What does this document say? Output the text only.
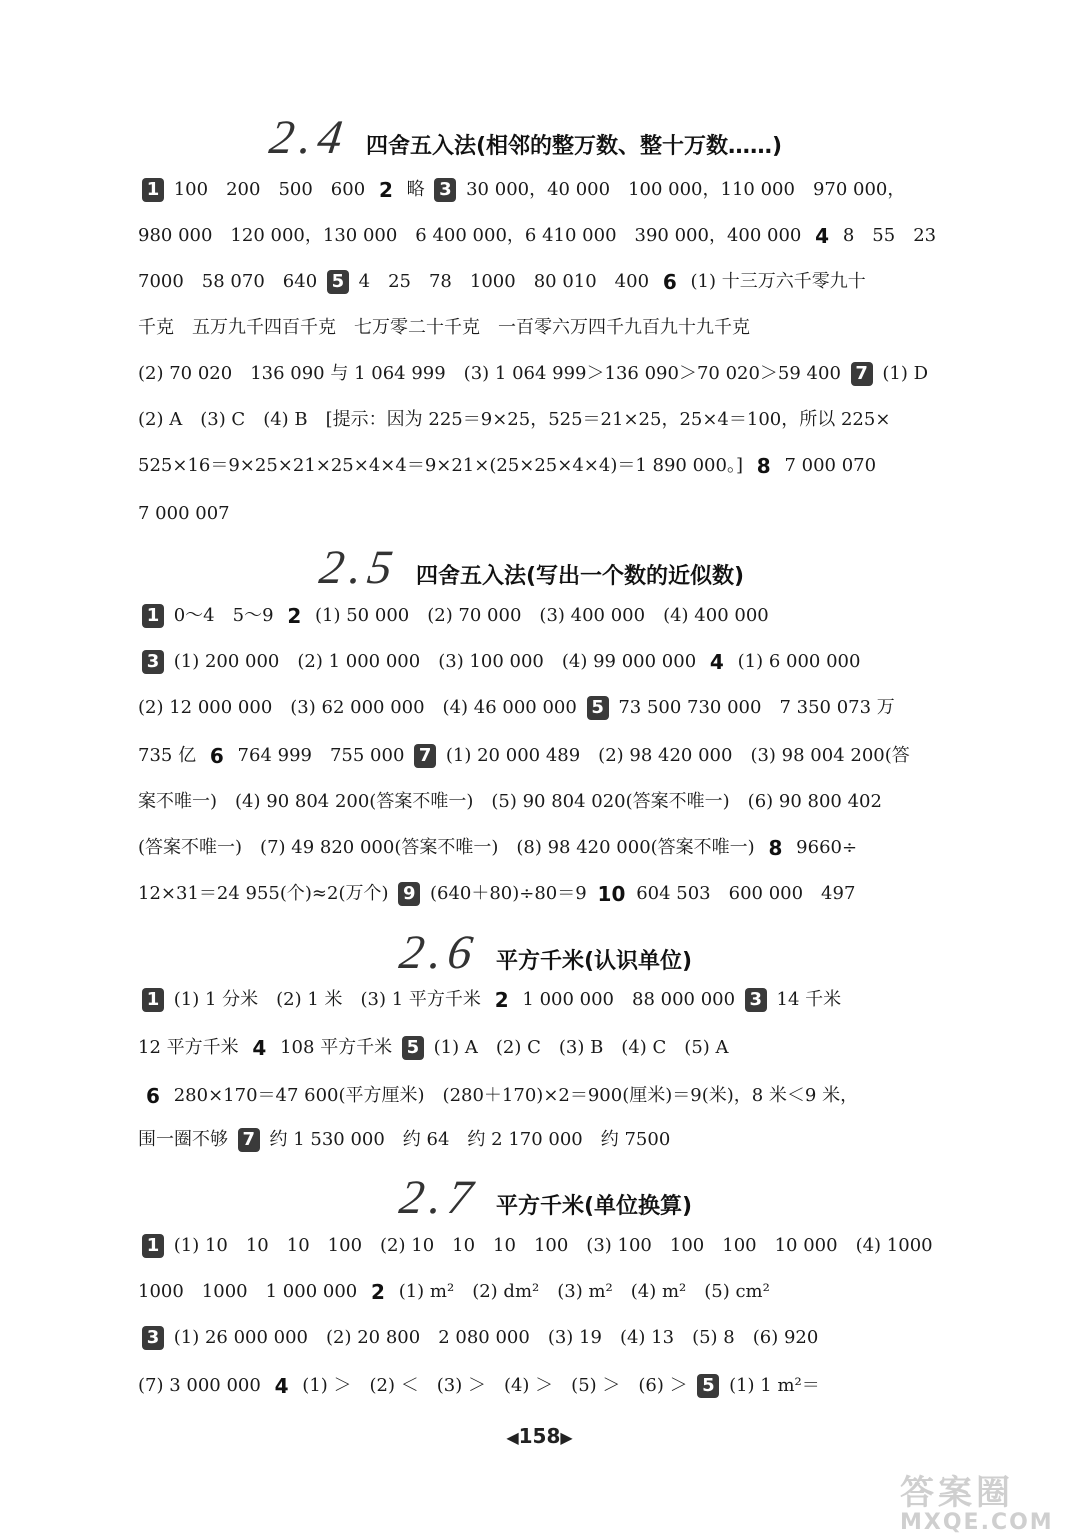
2.4 四舍五入法(相邻的整万数、整十万数……)
1 100　200　500　600 2 略 3 30 000，40 000　100 000，110 000　970 000，
980 000　120 000，130 000　6 400 000，6 410 000　390 000，400 000 4 8　55　23
7000　58 070　640 5 4　25　78　1000　80 010　400 6 (1) 十三万六千零九十
千克　五万九千四百千克　七万零二十千克　一百零六万四千九百九十九千克
(2) 70 020　136 090 与 1 064 999　(3) 1 064 999＞136 090＞70 020＞59 400 7 (1) D
(2) A　(3) C　(4) B　[提示：因为 225＝9×25，525＝21×25，25×4＝100，所以 225×
525×16＝9×25×21×25×4×4＝9×21×(25×25×4×4)＝1 890 000。] 8 7 000 070
7 000 007
2.5 四舍五入法(写出一个数的近似数)
1 0～4　5～9 2 (1) 50 000　(2) 70 000　(3) 400 000　(4) 400 000
3 (1) 200 000　(2) 1 000 000　(3) 100 000　(4) 99 000 000 4 (1) 6 000 000
(2) 12 000 000　(3) 62 000 000　(4) 46 000 000 5 73 500 730 000　7 350 073 万
735 亿 6 764 999　755 000 7 (1) 20 000 489　(2) 98 420 000　(3) 98 004 200(答
案不唯一)　(4) 90 804 200(答案不唯一)　(5) 90 804 020(答案不唯一)　(6) 90 800 402
(答案不唯一)　(7) 49 820 000(答案不唯一)　(8) 98 420 000(答案不唯一) 8 9660÷
12×31＝24 955(个)≈2(万个) 9 (640＋80)÷80＝9 10 604 503　600 000　497
2.6 平方千米(认识单位)
1 (1) 1 分米　(2) 1 米　(3) 1 平方千米 2 1 000 000　88 000 000 3 14 千米
12 平方千米 4 108 平方千米 5 (1) A　(2) C　(3) B　(4) C　(5) A
6 280×170＝47 600(平方厘米)　(280＋170)×2＝900(厘米)＝9(米)，8 米＜9 米，
围一圈不够 7 约 1 530 000　约 64　约 2 170 000　约 7500
2.7 平方千米(单位换算)
1 (1) 10　10　10　100　(2) 10　10　10　100　(3) 100　100　100　10 000　(4) 1000
1000　1000　1 000 000 2 (1) m²　(2) dm²　(3) m²　(4) m²　(5) cm²
3 (1) 26 000 000　(2) 20 800　2 080 000　(3) 19　(4) 13　(5) 8　(6) 920
(7) 3 000 000 4 (1) ＞　(2) ＜　(3) ＞　(4) ＞　(5) ＞　(6) ＞ 5 (1) 1 m²＝
◀158▶
答案圈
MXQE.COM
